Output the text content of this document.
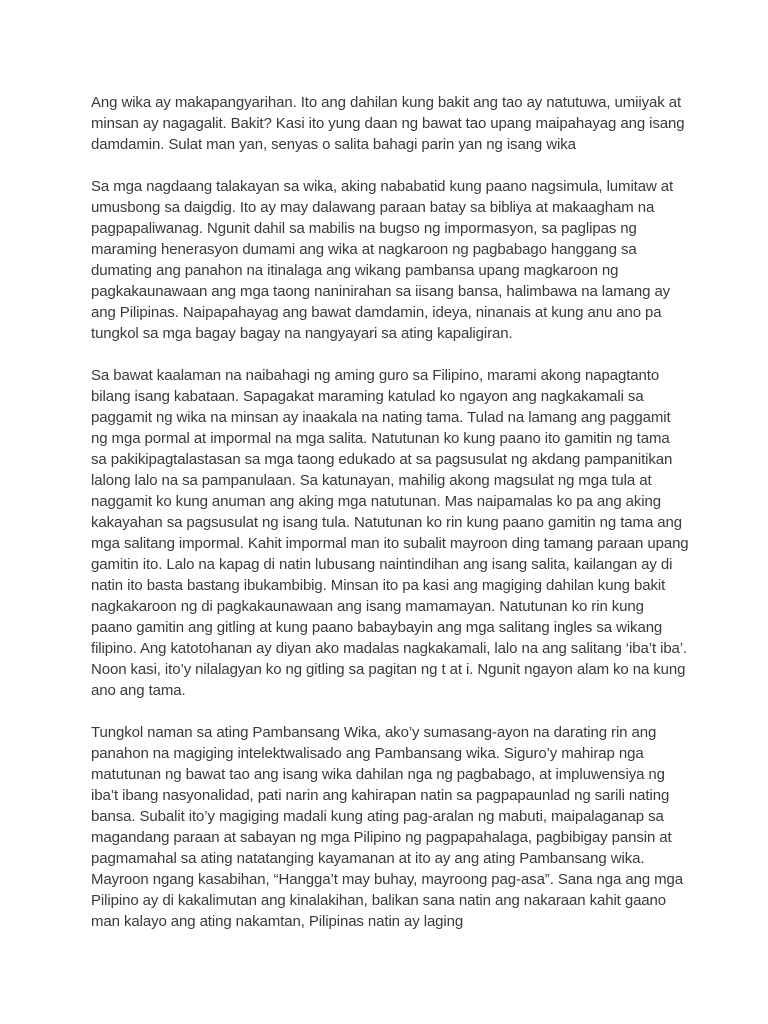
Ang wika ay makapangyarihan. Ito ang dahilan kung bakit ang tao ay natutuwa, umiiyak at minsan ay nagagalit. Bakit? Kasi ito yung daan ng bawat tao upang maipahayag ang isang damdamin. Sulat man yan, senyas o salita bahagi parin yan ng isang wika

Sa mga nagdaang talakayan sa wika, aking nababatid kung paano nagsimula, lumitaw at umusbong sa daigdig. Ito ay may dalawang paraan batay sa bibliya at makaagham na pagpapaliwanag. Ngunit dahil sa mabilis na bugso ng impormasyon, sa paglipas ng maraming henerasyon dumami ang wika at nagkaroon ng pagbabago hanggang sa dumating ang panahon na itinalaga ang wikang pambansa upang magkaroon ng pagkakaunawaan ang mga taong naninirahan sa iisang bansa, halimbawa na lamang ay ang Pilipinas. Naipapahayag ang bawat damdamin, ideya, ninanais at kung anu ano pa tungkol sa mga bagay bagay na nangyayari sa ating kapaligiran.

Sa bawat kaalaman na naibahagi ng aming guro sa Filipino, marami akong napagtanto bilang isang kabataan. Sapagakat maraming katulad ko ngayon ang nagkakamali sa paggamit ng wika na minsan ay inaakala na nating tama. Tulad na lamang ang paggamit ng mga pormal at impormal na mga salita. Natutunan ko kung paano ito gamitin ng tama sa pakikipagtalastasan sa mga taong edukado at sa pagsusulat ng akdang pampanitikan lalong lalo na sa pampanulaan. Sa katunayan, mahilig akong magsulat ng mga tula at naggamit ko kung anuman ang aking mga natutunan. Mas naipamalas ko pa ang aking kakayahan sa pagsusulat ng isang tula. Natutunan ko rin kung paano gamitin ng tama ang mga salitang impormal. Kahit impormal man ito subalit mayroon ding tamang paraan upang gamitin ito. Lalo na kapag di natin lubusang naintindihan ang isang salita, kailangan ay di natin ito basta bastang ibukambibig. Minsan ito pa kasi ang magiging dahilan kung bakit nagkakaroon ng di pagkakaunawaan ang isang mamamayan. Natutunan ko rin kung paano gamitin ang gitling at kung paano babaybayin ang mga salitang ingles sa wikang filipino. Ang katotohanan ay diyan ako madalas nagkakamali, lalo na ang salitang ‘iba’t iba’. Noon kasi, ito’y nilalagyan ko ng gitling sa pagitan ng t at i. Ngunit ngayon alam ko na kung ano ang tama.

Tungkol naman sa ating Pambansang Wika, ako’y sumasang-ayon na darating rin ang panahon na magiging intelektwalisado ang Pambansang wika. Siguro’y mahirap nga matutunan ng bawat tao ang isang wika dahilan nga ng pagbabago, at impluwensiya ng iba’t ibang nasyonalidad, pati narin ang kahirapan natin sa pagpapaunlad ng sarili nating bansa. Subalit ito’y magiging madali kung ating pag-aralan ng mabuti, maipalaganap sa magandang paraan at sabayan ng mga Pilipino ng pagpapahalaga, pagbibigay pansin at pagmamahal sa ating natatanging kayamanan at ito ay ang ating Pambansang wika. Mayroon ngang kasabihan, “Hangga’t may buhay, mayroong pag-asa”. Sana nga ang mga Pilipino ay di kakalimutan ang kinalakihan, balikan sana natin ang nakaraan kahit gaano man kalayo ang ating nakamtan, Pilipinas natin ay laging
